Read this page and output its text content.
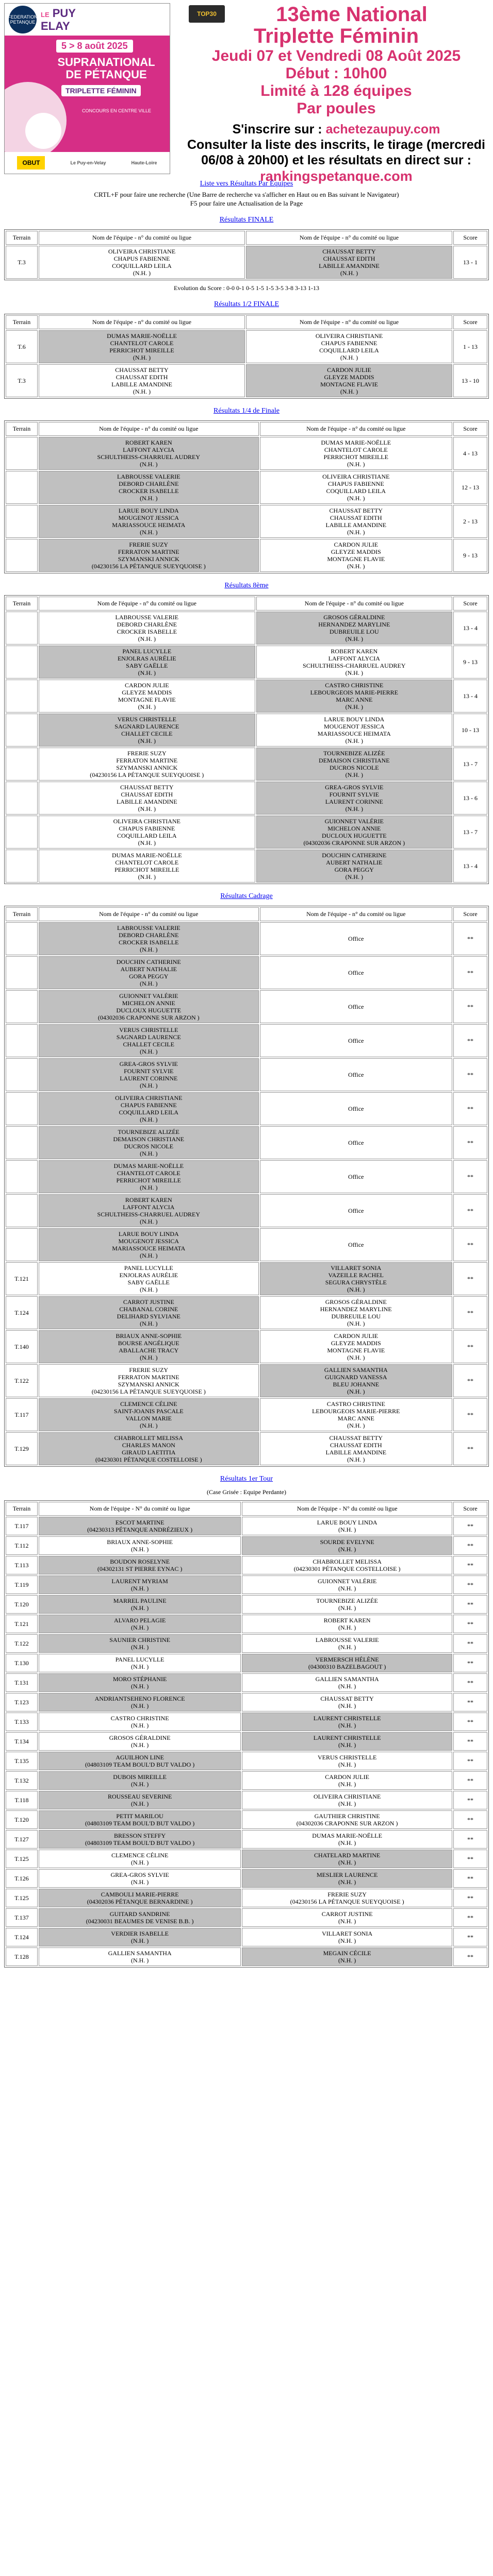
FEDERATION PETANQUE
LE PUY
ELAY
5 > 8 août 2025
SUPRANATIONAL DE PÉTANQUE
TRIPLETTE FÉMININ
CONCOURS EN CENTRE VILLE
OBUT	Le Puy-en-Velay	Haute-Loire
TOP30	13ème National
Triplette Féminin
Jeudi 07 et Vendredi 08 Août 2025
Début : 10h00
Limité à 128 équipes
Par poules
S'inscrire sur : achetezaupuy.com
Consulter la liste des inscrits, le tirage (mercredi 06/08 à 20h00) et les résultats en direct sur :
rankingspetanque.com
Liste vers Résultats Par Équipes
CRTL+F pour faire une recherche (Une Barre de recherche va s'afficher en Haut ou en Bas suivant le Navigateur)
F5 pour faire une Actualisation de la Page
Résultats FINALE
Terrain	Nom de l'équipe - n° du comité ou ligue	Nom de l'équipe - n° du comité ou ligue	Score
T.3	OLIVEIRA CHRISTIANE
CHAPUS FABIENNE
COQUILLARD LEILA
(N.H. )	CHAUSSAT BETTY
CHAUSSAT EDITH
LABILLE AMANDINE
(N.H. )	13 - 1
Evolution du Score : 0-0 0-1 0-5 1-5 1-5 3-5 3-8 3-13 1-13
Résultats 1/2 FINALE
Terrain	Nom de l'équipe - n° du comité ou ligue	Nom de l'équipe - n° du comité ou ligue	Score
T.6	DUMAS MARIE-NOËLLE
CHANTELOT CAROLE
PERRICHOT MIREILLE
(N.H. )	OLIVEIRA CHRISTIANE
CHAPUS FABIENNE
COQUILLARD LEILA
(N.H. )	1 - 13
T.3	CHAUSSAT BETTY
CHAUSSAT EDITH
LABILLE AMANDINE
(N.H. )	CARDON JULIE
GLEYZE MADDIS
MONTAGNE FLAVIE
(N.H. )	13 - 10
Résultats 1/4 de Finale
Terrain	Nom de l'équipe - n° du comité ou ligue	Nom de l'équipe - n° du comité ou ligue	Score
	ROBERT KAREN
LAFFONT ALYCIA
SCHULTHEISS-CHARRUEL AUDREY
(N.H. )	DUMAS MARIE-NOËLLE
CHANTELOT CAROLE
PERRICHOT MIREILLE
(N.H. )	4 - 13
	LABROUSSE VALERIE
DEBORD CHARLÈNE
CROCKER ISABELLE
(N.H. )	OLIVEIRA CHRISTIANE
CHAPUS FABIENNE
COQUILLARD LEILA
(N.H. )	12 - 13
	LARUE BOUY LINDA
MOUGENOT JESSICA
MARIASSOUCE HEIMATA
(N.H. )	CHAUSSAT BETTY
CHAUSSAT EDITH
LABILLE AMANDINE
(N.H. )	2 - 13
	FRERIE SUZY
FERRATON MARTINE
SZYMANSKI ANNICK
(04230156 LA PÉTANQUE SUEYQUOISE )	CARDON JULIE
GLEYZE MADDIS
MONTAGNE FLAVIE
(N.H. )	9 - 13
Résultats 8ème
Terrain	Nom de l'équipe - n° du comité ou ligue	Nom de l'équipe - n° du comité ou ligue	Score
	LABROUSSE VALERIE
DEBORD CHARLÈNE
CROCKER ISABELLE
(N.H. )	GROSOS GÉRALDINE
HERNANDEZ MARYLINE
DUBREUILE LOU
(N.H. )	13 - 4
	PANEL LUCYLLE
ENJOLRAS AURÉLIE
SABY GAËLLE
(N.H. )	ROBERT KAREN
LAFFONT ALYCIA
SCHULTHEISS-CHARRUEL AUDREY
(N.H. )	9 - 13
	CARDON JULIE
GLEYZE MADDIS
MONTAGNE FLAVIE
(N.H. )	CASTRO CHRISTINE
LEBOURGEOIS MARIE-PIERRE
MARC ANNE
(N.H. )	13 - 4
	VERUS CHRISTELLE
SAGNARD LAURENCE
CHALLET CECILE
(N.H. )	LARUE BOUY LINDA
MOUGENOT JESSICA
MARIASSOUCE HEIMATA
(N.H. )	10 - 13
	FRERIE SUZY
FERRATON MARTINE
SZYMANSKI ANNICK
(04230156 LA PÉTANQUE SUEYQUOISE )	TOURNEBIZE ALIZÉE
DEMAISON CHRISTIANE
DUCROS NICOLE
(N.H. )	13 - 7
	CHAUSSAT BETTY
CHAUSSAT EDITH
LABILLE AMANDINE
(N.H. )	GREA-GROS SYLVIE
FOURNIT SYLVIE
LAURENT CORINNE
(N.H. )	13 - 6
	OLIVEIRA CHRISTIANE
CHAPUS FABIENNE
COQUILLARD LEILA
(N.H. )	GUIONNET VALÉRIE
MICHELON ANNIE
DUCLOUX HUGUETTE
(04302036 CRAPONNE SUR ARZON )	13 - 7
	DUMAS MARIE-NOËLLE
CHANTELOT CAROLE
PERRICHOT MIREILLE
(N.H. )	DOUCHIN CATHERINE
AUBERT NATHALIE
GORA PEGGY
(N.H. )	13 - 4
Résultats Cadrage
Terrain	Nom de l'équipe - n° du comité ou ligue	Nom de l'équipe - n° du comité ou ligue	Score
	LABROUSSE VALERIE
DEBORD CHARLÈNE
CROCKER ISABELLE
(N.H. )	Office	**
	DOUCHIN CATHERINE
AUBERT NATHALIE
GORA PEGGY
(N.H. )	Office	**
	GUIONNET VALÉRIE
MICHELON ANNIE
DUCLOUX HUGUETTE
(04302036 CRAPONNE SUR ARZON )	Office	**
	VERUS CHRISTELLE
SAGNARD LAURENCE
CHALLET CECILE
(N.H. )	Office	**
	GREA-GROS SYLVIE
FOURNIT SYLVIE
LAURENT CORINNE
(N.H. )	Office	**
	OLIVEIRA CHRISTIANE
CHAPUS FABIENNE
COQUILLARD LEILA
(N.H. )	Office	**
	TOURNEBIZE ALIZÉE
DEMAISON CHRISTIANE
DUCROS NICOLE
(N.H. )	Office	**
	DUMAS MARIE-NOËLLE
CHANTELOT CAROLE
PERRICHOT MIREILLE
(N.H. )	Office	**
	ROBERT KAREN
LAFFONT ALYCIA
SCHULTHEISS-CHARRUEL AUDREY
(N.H. )	Office	**
	LARUE BOUY LINDA
MOUGENOT JESSICA
MARIASSOUCE HEIMATA
(N.H. )	Office	**
T.121	PANEL LUCYLLE
ENJOLRAS AURÉLIE
SABY GAËLLE
(N.H. )	VILLARET SONIA
VAZEILLE RACHEL
SEGURA CHRYSTÈLE
(N.H. )	**
T.124	CARROT JUSTINE
CHABANAL CORINE
DELIHARD SYLVIANE
(N.H. )	GROSOS GÉRALDINE
HERNANDEZ MARYLINE
DUBREUILE LOU
(N.H. )	**
T.140	BRIAUX ANNE-SOPHIE
BOURSE ANGÉLIQUE
ABALLACHE TRACY
(N.H. )	CARDON JULIE
GLEYZE MADDIS
MONTAGNE FLAVIE
(N.H. )	**
T.122	FRERIE SUZY
FERRATON MARTINE
SZYMANSKI ANNICK
(04230156 LA PÉTANQUE SUEYQUOISE )	GALLIEN SAMANTHA
GUIGNARD VANESSA
BLEU JOHANNE
(N.H. )	**
T.117	CLEMENCE CÉLINE
SAINT-JOANIS PASCALE
VALLON MARIE
(N.H. )	CASTRO CHRISTINE
LEBOURGEOIS MARIE-PIERRE
MARC ANNE
(N.H. )	**
T.129	CHABROLLET MELISSA
CHARLES MANON
GIRAUD LAETITIA
(04230301 PÉTANQUE COSTELLOISE )	CHAUSSAT BETTY
CHAUSSAT EDITH
LABILLE AMANDINE
(N.H. )	**
Résultats 1er Tour
(Case Grisée : Equipe Perdante)
Terrain	Nom de l'équipe - N° du comité ou ligue	Nom de l'équipe - N° du comité ou ligue	Score
T.117	ESCOT MARTINE
(04230313 PÉTANQUE ANDRÉZIEUX )	LARUE BOUY LINDA
(N.H. )	**
T.112	BRIAUX ANNE-SOPHIE
(N.H. )	SOURDE EVELYNE
(N.H. )	**
T.113	BOUDON ROSELYNE
(04302131 ST PIERRE EYNAC )	CHABROLLET MELISSA
(04230301 PÉTANQUE COSTELLOISE )	**
T.119	LAURENT MYRIAM
(N.H. )	GUIONNET VALÉRIE
(N.H. )	**
T.120	MARREL PAULINE
(N.H. )	TOURNEBIZE ALIZÉE
(N.H. )	**
T.121	ALVARO PELAGIE
(N.H. )	ROBERT KAREN
(N.H. )	**
T.122	SAUNIER CHRISTINE
(N.H. )	LABROUSSE VALERIE
(N.H. )	**
T.130	PANEL LUCYLLE
(N.H. )	VERMERSCH HÉLÈNE
(04300310 BAZELBAGOUT )	**
T.131	MORO STÉPHANIE
(N.H. )	GALLIEN SAMANTHA
(N.H. )	**
T.123	ANDRIANTSEHENO FLORENCE
(N.H. )	CHAUSSAT BETTY
(N.H. )	**
T.133	CASTRO CHRISTINE
(N.H. )	LAURENT CHRISTELLE
(N.H. )	**
T.134	GROSOS GÉRALDINE
(N.H. )	LAURENT CHRISTELLE
(N.H. )	**
T.135	AGUILHON LINE
(04803109 TEAM BOUL'D BUT VALDO )	VERUS CHRISTELLE
(N.H. )	**
T.132	DUBOIS MIREILLE
(N.H. )	CARDON JULIE
(N.H. )	**
T.118	ROUSSEAU SEVERINE
(N.H. )	OLIVEIRA CHRISTIANE
(N.H. )	**
T.120	PETIT MARILOU
(04803109 TEAM BOUL'D BUT VALDO )	GAUTHIER CHRISTINE
(04302036 CRAPONNE SUR ARZON )	**
T.127	BRESSON STEFFY
(04803109 TEAM BOUL'D BUT VALDO )	DUMAS MARIE-NOËLLE
(N.H. )	**
T.125	CLEMENCE CÉLINE
(N.H. )	CHATELARD MARTINE
(N.H. )	**
T.126	GREA-GROS SYLVIE
(N.H. )	MESLIER LAURENCE
(N.H. )	**
T.125	CAMBOULI MARIE-PIERRE
(04302036 PÉTANQUE BERNARDINE )	FRERIE SUZY
(04230156 LA PÉTANQUE SUEYQUOISE )	**
T.137	GUITARD SANDRINE
(04230031 BEAUMES DE VENISE B.B. )	CARROT JUSTINE
(N.H. )	**
T.124	VERDIER ISABELLE
(N.H. )	VILLARET SONIA
(N.H. )	**
T.128	GALLIEN SAMANTHA
(N.H. )	MEGAIN CÉCILE
(N.H. )	**
